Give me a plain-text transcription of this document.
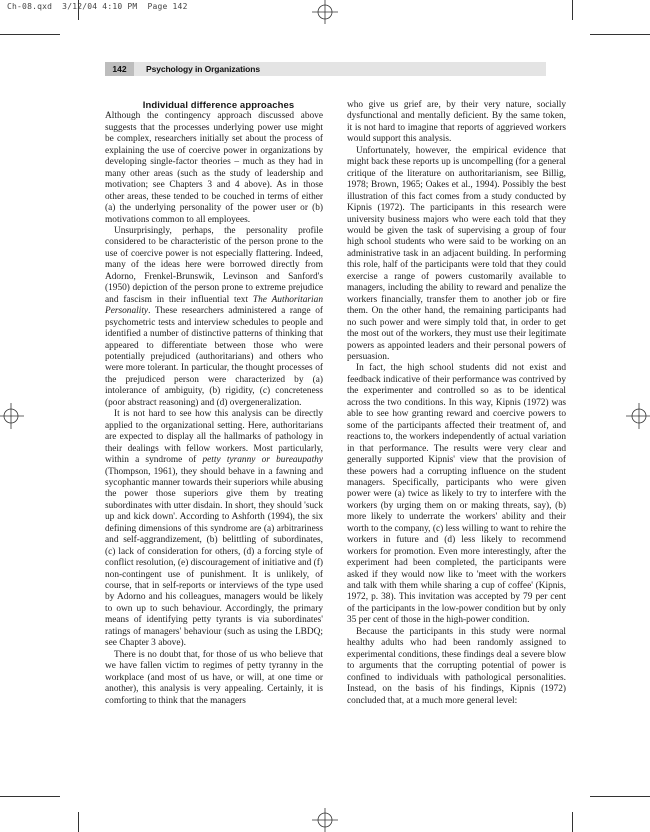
Ch-08.qxd  3/12/04 4:10 PM  Page 142
142	Psychology in Organizations

Individual difference approaches

Although the contingency approach discussed above suggests that the processes underlying power use might be complex, researchers initially set about the process of explaining the use of coercive power in organizations by developing single-factor theories – much as they had in many other areas (such as the study of leadership and motivation; see Chapters 3 and 4 above). As in those other areas, these tended to be couched in terms of either (a) the underlying personality of the power user or (b) motivations common to all employees.

Unsurprisingly, perhaps, the personality profile considered to be characteristic of the person prone to the use of coercive power is not especially flattering. Indeed, many of the ideas here were borrowed directly from Adorno, Frenkel-Brunswik, Levinson and Sanford's (1950) depiction of the person prone to extreme prejudice and fascism in their influential text The Authoritarian Personality. These researchers administered a range of psychometric tests and interview schedules to people and identified a number of distinctive patterns of thinking that appeared to differentiate between those who were potentially prejudiced (authoritarians) and others who were more tolerant. In particular, the thought processes of the prejudiced person were characterized by (a) intolerance of ambiguity, (b) rigidity, (c) concreteness (poor abstract reasoning) and (d) overgeneralization.

It is not hard to see how this analysis can be directly applied to the organizational setting. Here, authoritarians are expected to display all the hallmarks of pathology in their dealings with fellow workers. Most particularly, within a syndrome of petty tyranny or bureaupathy (Thompson, 1961), they should behave in a fawning and sycophantic manner towards their superiors while abusing the power those superiors give them by treating subordinates with utter disdain. In short, they should 'suck up and kick down'. According to Ashforth (1994), the six defining dimensions of this syndrome are (a) arbitrariness and self-aggrandizement, (b) belittling of subordinates, (c) lack of consideration for others, (d) a forcing style of conflict resolution, (e) discouragement of initiative and (f) non-contingent use of punishment. It is unlikely, of course, that in self-reports or interviews of the type used by Adorno and his colleagues, managers would be likely to own up to such behaviour. Accordingly, the primary means of identifying petty tyrants is via subordinates' ratings of managers' behaviour (such as using the LBDQ; see Chapter 3 above).

There is no doubt that, for those of us who believe that we have fallen victim to regimes of petty tyranny in the workplace (and most of us have, or will, at one time or another), this analysis is very appealing. Certainly, it is comforting to think that the managers

who give us grief are, by their very nature, socially dysfunctional and mentally deficient. By the same token, it is not hard to imagine that reports of aggrieved workers would support this analysis.

Unfortunately, however, the empirical evidence that might back these reports up is uncompelling (for a general critique of the literature on authoritarianism, see Billig, 1978; Brown, 1965; Oakes et al., 1994). Possibly the best illustration of this fact comes from a study conducted by Kipnis (1972). The participants in this research were university business majors who were each told that they would be given the task of supervising a group of four high school students who were said to be working on an administrative task in an adjacent building. In performing this role, half of the participants were told that they could exercise a range of powers customarily available to managers, including the ability to reward and penalize the workers financially, transfer them to another job or fire them. On the other hand, the remaining participants had no such power and were simply told that, in order to get the most out of the workers, they must use their legitimate powers as appointed leaders and their personal powers of persuasion.

In fact, the high school students did not exist and feedback indicative of their performance was contrived by the experimenter and controlled so as to be identical across the two conditions. In this way, Kipnis (1972) was able to see how granting reward and coercive powers to some of the participants affected their treatment of, and reactions to, the workers independently of actual variation in that performance. The results were very clear and generally supported Kipnis' view that the provision of these powers had a corrupting influence on the student managers. Specifically, participants who were given power were (a) twice as likely to try to interfere with the workers (by urging them on or making threats, say), (b) more likely to underrate the workers' ability and their worth to the company, (c) less willing to want to rehire the workers in future and (d) less likely to recommend workers for promotion. Even more interestingly, after the experiment had been completed, the participants were asked if they would now like to 'meet with the workers and talk with them while sharing a cup of coffee' (Kipnis, 1972, p. 38). This invitation was accepted by 79 per cent of the participants in the low-power condition but by only 35 per cent of those in the high-power condition.

Because the participants in this study were normal healthy adults who had been randomly assigned to experimental conditions, these findings deal a severe blow to arguments that the corrupting potential of power is confined to individuals with pathological personalities. Instead, on the basis of his findings, Kipnis (1972) concluded that, at a much more general level:
